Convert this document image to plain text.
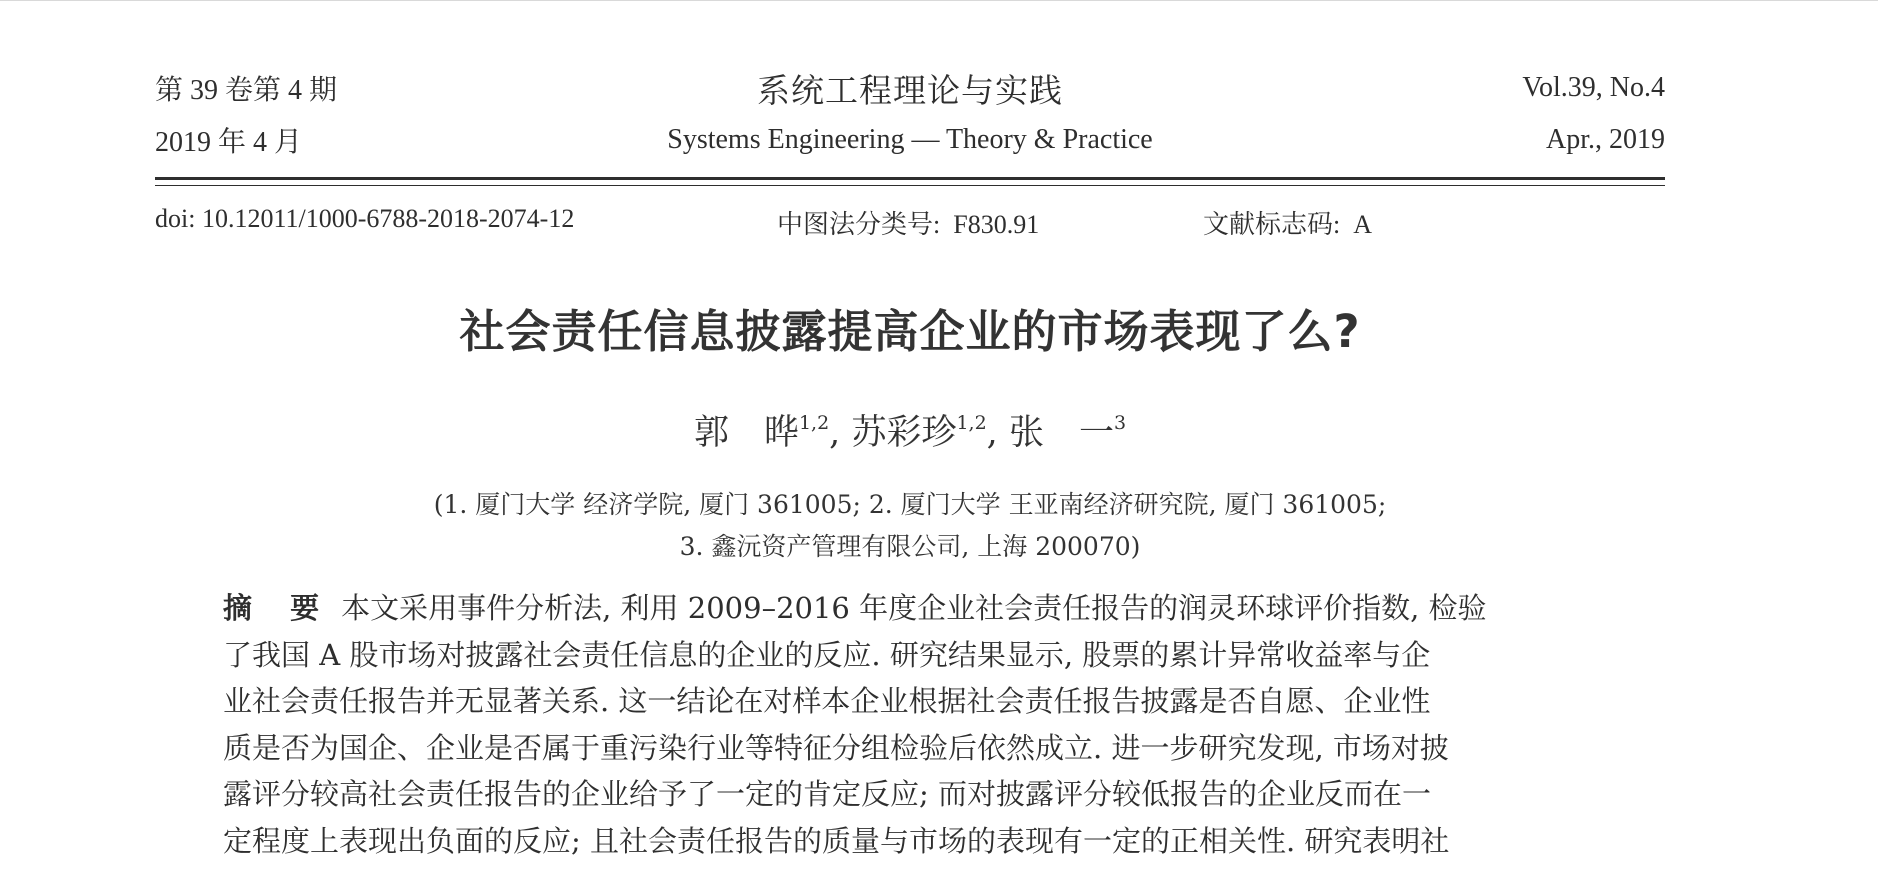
第 39 卷第 4 期	系统工程理论与实践	Vol.39, No.4
2019 年 4 月	Systems Engineering — Theory & Practice	Apr., 2019
doi: 10.12011/1000-6788-2018-2074-12	中图法分类号: F830.91	文献标志码: A
社会责任信息披露提高企业的市场表现了么?
郭　晔$^{1,2}$, 苏彩珍$^{1,2}$, 张　一$^3$
(1. 厦门大学 经济学院, 厦门 361005; 2. 厦门大学 王亚南经济研究院, 厦门 361005;
3. 鑫沅资产管理有限公司, 上海 200070)
摘 要 本文采用事件分析法, 利用 2009–2016 年度企业社会责任报告的润灵环球评价指数, 检验
了我国 A 股市场对披露社会责任信息的企业的反应. 研究结果显示, 股票的累计异常收益率与企
业社会责任报告并无显著关系. 这一结论在对样本企业根据社会责任报告披露是否自愿、企业性
质是否为国企、企业是否属于重污染行业等特征分组检验后依然成立. 进一步研究发现, 市场对披
露评分较高社会责任报告的企业给予了一定的肯定反应; 而对披露评分较低报告的企业反而在一
定程度上表现出负面的反应; 且社会责任报告的质量与市场的表现有一定的正相关性. 研究表明社
